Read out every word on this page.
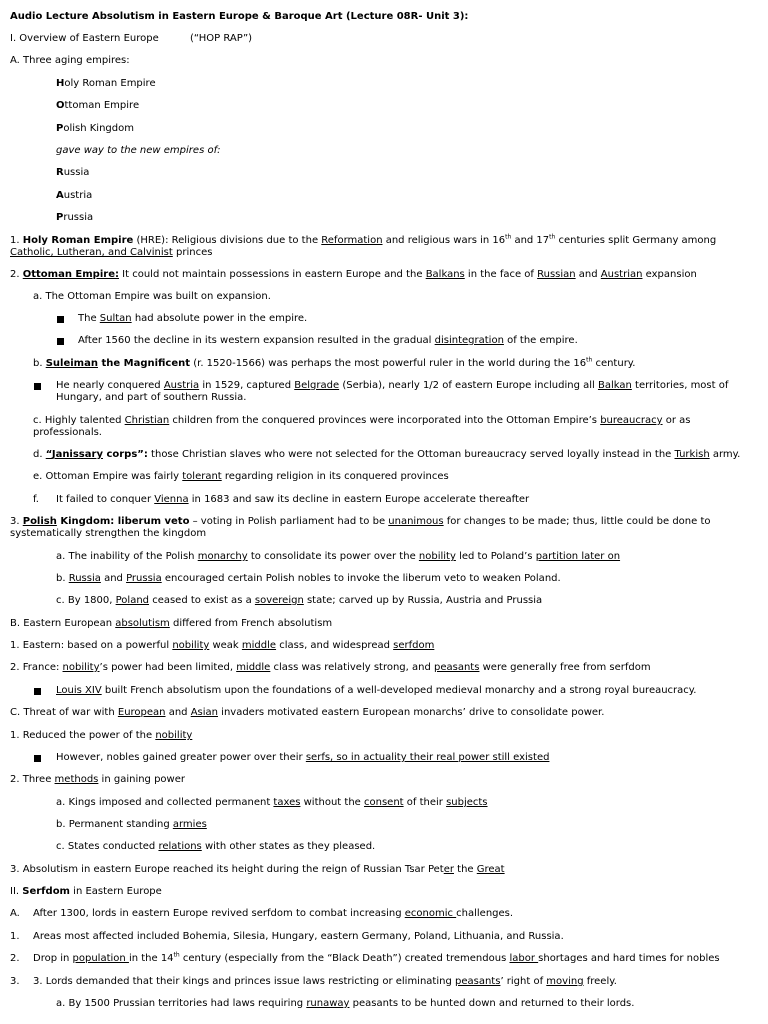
Audio Lecture Absolutism in Eastern Europe & Baroque Art (Lecture 08R- Unit 3):
I. Overview of Eastern Europe	(“HOP RAP”)
A. Three aging empires:
Holy Roman Empire
Ottoman Empire
Polish Kingdom
gave way to the new empires of:
Russia
Austria
Prussia
1. Holy Roman Empire (HRE): Religious divisions due to the Reformation and religious wars in 16th and 17th centuries split Germany among
Catholic, Lutheran, and Calvinist princes
2. Ottoman Empire: It could not maintain possessions in eastern Europe and the Balkans in the face of Russian and Austrian expansion
a. The Ottoman Empire was built on expansion.
The Sultan had absolute power in the empire.
After 1560 the decline in its western expansion resulted in the gradual disintegration of the empire.
b. Suleiman the Magnificent (r. 1520-1566) was perhaps the most powerful ruler in the world during the 16th century.
He nearly conquered Austria in 1529, captured Belgrade (Serbia), nearly 1/2 of eastern Europe including all Balkan territories, most of
Hungary, and part of southern Russia.
c. Highly talented Christian children from the conquered provinces were incorporated into the Ottoman Empire’s bureaucracy or as
professionals.
d. “Janissary corps”: those Christian slaves who were not selected for the Ottoman bureaucracy served loyally instead in the Turkish army.
e. Ottoman Empire was fairly tolerant regarding religion in its conquered provinces
f. It failed to conquer Vienna in 1683 and saw its decline in eastern Europe accelerate thereafter
3. Polish Kingdom: liberum veto – voting in Polish parliament had to be unanimous for changes to be made; thus, little could be done to
systematically strengthen the kingdom
a. The inability of the Polish monarchy to consolidate its power over the nobility led to Poland’s partition later on
b. Russia and Prussia encouraged certain Polish nobles to invoke the liberum veto to weaken Poland.
c. By 1800, Poland ceased to exist as a sovereign state; carved up by Russia, Austria and Prussia
B. Eastern European absolutism differed from French absolutism
1. Eastern: based on a powerful nobility weak middle class, and widespread serfdom
2. France: nobility’s power had been limited, middle class was relatively strong, and peasants were generally free from serfdom
Louis XIV built French absolutism upon the foundations of a well-developed medieval monarchy and a strong royal bureaucracy.
C. Threat of war with European and Asian invaders motivated eastern European monarchs’ drive to consolidate power.
1. Reduced the power of the nobility
However, nobles gained greater power over their serfs, so in actuality their real power still existed
2. Three methods in gaining power
a. Kings imposed and collected permanent taxes without the consent of their subjects
b. Permanent standing armies
c. States conducted relations with other states as they pleased.
3. Absolutism in eastern Europe reached its height during the reign of Russian Tsar Peter the Great
II. Serfdom in Eastern Europe
A. After 1300, lords in eastern Europe revived serfdom to combat increasing economic challenges.
1. Areas most affected included Bohemia, Silesia, Hungary, eastern Germany, Poland, Lithuania, and Russia.
2. Drop in population in the 14th century (especially from the “Black Death”) created tremendous labor shortages and hard times for nobles
3. 3. Lords demanded that their kings and princes issue laws restricting or eliminating peasants’ right of moving freely.
a. By 1500 Prussian territories had laws requiring runaway peasants to be hunted down and returned to their lords.
